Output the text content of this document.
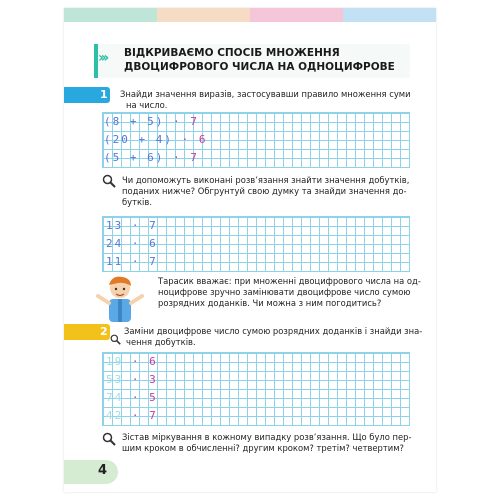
››› ВІДКРИВАЄМО СПОСІБ МНОЖЕННЯ
ДВОЦИФРОВОГО ЧИСЛА НА ОДНОЦИФРОВЕ
1 Знайди значення виразів, застосувавши правило множення суми
на число.
(8 + 5) · 7
(20 + 4) · 6
(5 + 6) · 7
Чи допоможуть виконані розв’язання знайти значення добутків,
поданих нижче? Обгрунтуй свою думку та знайди значення до-
бутків.
13 · 7
24 · 6
11 · 7
Тарасик вважає: при множенні двоцифрового числа на од-
ноцифрове зручно замінювати двоцифрове число сумою
розрядних доданків. Чи можна з ним погодитись?
2 Заміни двоцифрове число сумою розрядних доданків і знайди зна-
чення добутків.
19 · 6
53 · 3
74 · 5
42 · 7
Зістав міркування в кожному випадку розв’язання. Що було пер-
шим кроком в обчисленні? другим кроком? третім? четвертим?
4
